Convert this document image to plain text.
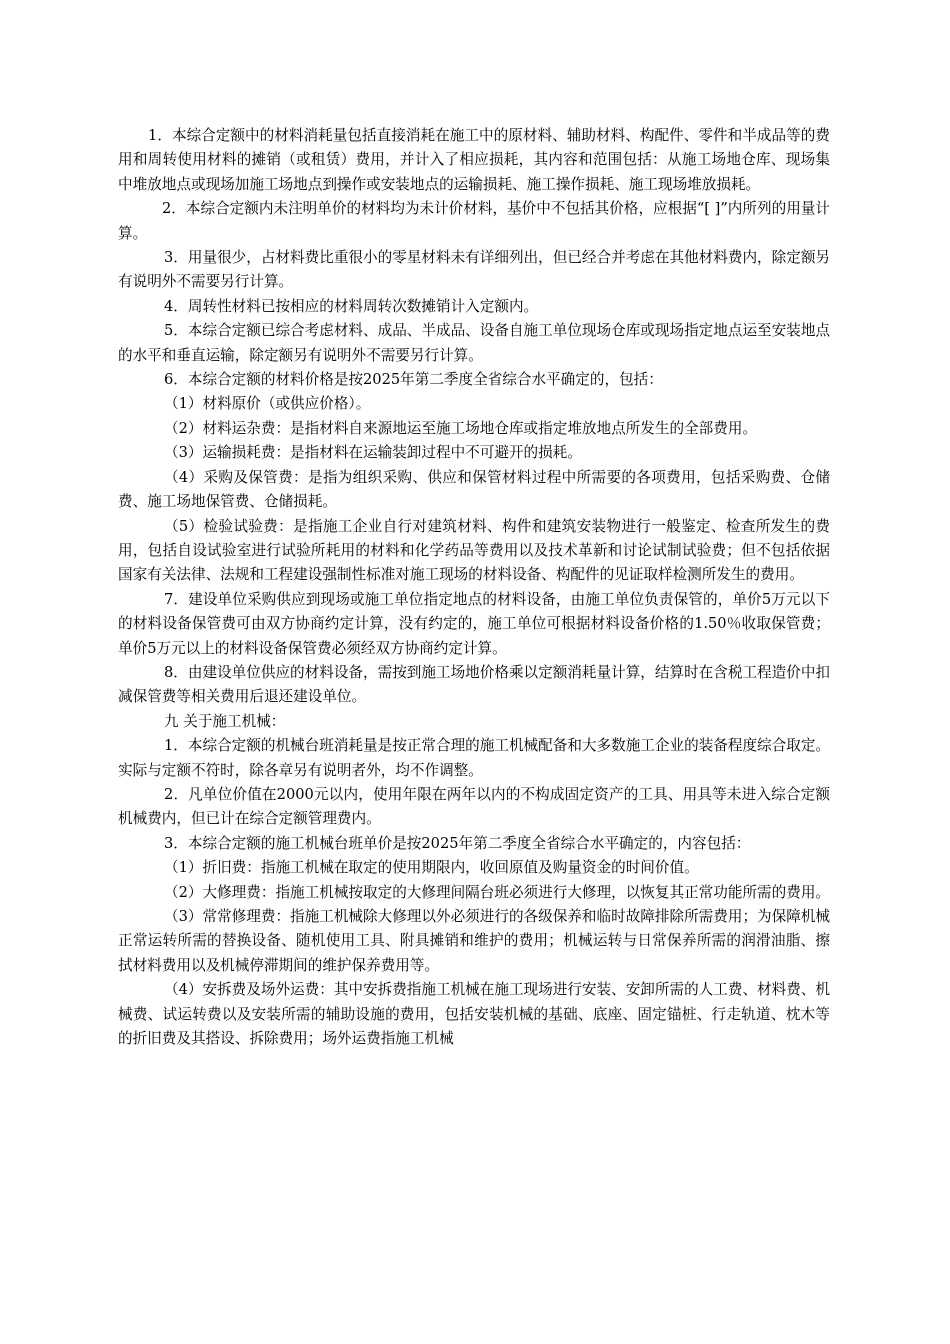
1．本综合定额中的材料消耗量包括直接消耗在施工中的原材料、辅助材料、构配件、零件和半成品等的费用和周转使用材料的摊销（或租赁）费用，并计入了相应损耗，其内容和范围包括：从施工场地仓库、现场集中堆放地点或现场加施工场地点到操作或安装地点的运输损耗、施工操作损耗、施工现场堆放损耗。

2．本综合定额内未注明单价的材料均为未计价材料，基价中不包括其价格，应根据“[ ]”内所列的用量计算。

3．用量很少，占材料费比重很小的零星材料未有详细列出，但已经合并考虑在其他材料费内，除定额另有说明外不需要另行计算。

4．周转性材料已按相应的材料周转次数摊销计入定额内。

5．本综合定额已综合考虑材料、成品、半成品、设备自施工单位现场仓库或现场指定地点运至安装地点的水平和垂直运输，除定额另有说明外不需要另行计算。

6．本综合定额的材料价格是按2025年第二季度全省综合水平确定的，包括：

（1）材料原价（或供应价格）。

（2）材料运杂费：是指材料自来源地运至施工场地仓库或指定堆放地点所发生的全部费用。

（3）运输损耗费：是指材料在运输装卸过程中不可避开的损耗。

（4）采购及保管费：是指为组织采购、供应和保管材料过程中所需要的各项费用，包括采购费、仓储费、施工场地保管费、仓储损耗。

（5）检验试验费：是指施工企业自行对建筑材料、构件和建筑安装物进行一般鉴定、检查所发生的费用，包括自设试验室进行试验所耗用的材料和化学药品等费用以及技术革新和讨论试制试验费；但不包括依据国家有关法律、法规和工程建设强制性标准对施工现场的材料设备、构配件的见证取样检测所发生的费用。

7．建设单位采购供应到现场或施工单位指定地点的材料设备，由施工单位负责保管的，单价5万元以下的材料设备保管费可由双方协商约定计算，没有约定的，施工单位可根据材料设备价格的1.50％收取保管费；单价5万元以上的材料设备保管费必须经双方协商约定计算。

8．由建设单位供应的材料设备，需按到施工场地价格乘以定额消耗量计算，结算时在含税工程造价中扣减保管费等相关费用后退还建设单位。

九 关于施工机械：

1．本综合定额的机械台班消耗量是按正常合理的施工机械配备和大多数施工企业的装备程度综合取定。实际与定额不符时，除各章另有说明者外，均不作调整。

2．凡单位价值在2000元以内，使用年限在两年以内的不构成固定资产的工具、用具等未进入综合定额机械费内，但已计在综合定额管理费内。

3．本综合定额的施工机械台班单价是按2025年第二季度全省综合水平确定的，内容包括：

（1）折旧费：指施工机械在取定的使用期限内，收回原值及购量资金的时间价值。

（2）大修理费：指施工机械按取定的大修理间隔台班必须进行大修理，以恢复其正常功能所需的费用。

（3）常常修理费：指施工机械除大修理以外必须进行的各级保养和临时故障排除所需费用；为保障机械正常运转所需的替换设备、随机使用工具、附具摊销和维护的费用；机械运转与日常保养所需的润滑油脂、擦拭材料费用以及机械停滞期间的维护保养费用等。

（4）安拆费及场外运费：其中安拆费指施工机械在施工现场进行安装、安卸所需的人工费、材料费、机械费、试运转费以及安装所需的辅助设施的费用，包括安装机械的基础、底座、固定锚桩、行走轨道、枕木等的折旧费及其搭设、拆除费用；场外运费指施工机械
